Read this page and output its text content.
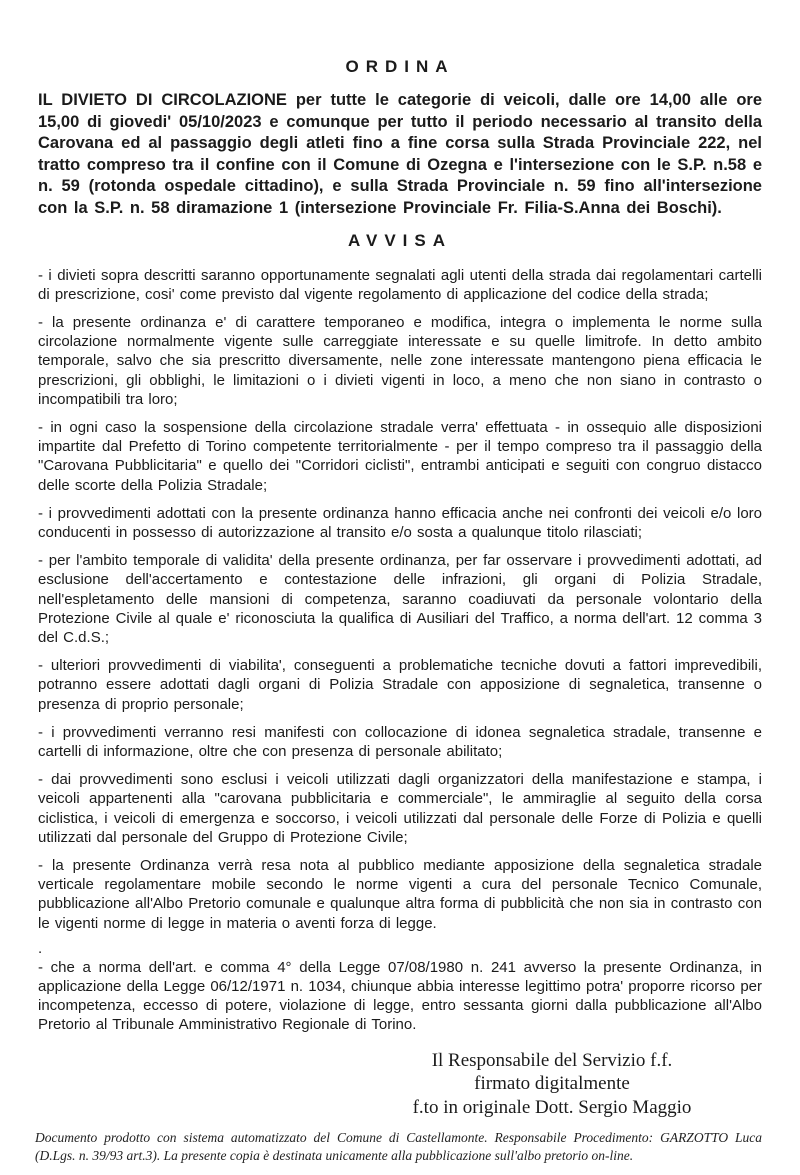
ORDINA

IL DIVIETO DI CIRCOLAZIONE per tutte le categorie di veicoli, dalle ore 14,00 alle ore 15,00 di giovedi' 05/10/2023 e comunque per tutto il periodo necessario al transito della Carovana ed al passaggio degli atleti fino a fine corsa sulla Strada Provinciale 222, nel tratto compreso tra il confine con il Comune di Ozegna e l'intersezione con le S.P. n.58 e n. 59 (rotonda ospedale cittadino), e sulla Strada Provinciale n. 59 fino all'intersezione con la S.P. n. 58 diramazione 1 (intersezione Provinciale Fr. Filia-S.Anna dei Boschi).

AVVISA

- i divieti sopra descritti saranno opportunamente segnalati agli utenti della strada dai regolamentari cartelli di prescrizione, cosi' come previsto dal vigente regolamento di applicazione del codice della strada;

- la presente ordinanza e' di carattere temporaneo e modifica, integra o implementa le norme sulla circolazione normalmente vigente sulle carreggiate interessate e su quelle limitrofe. In detto ambito temporale, salvo che sia prescritto diversamente, nelle zone interessate mantengono piena efficacia le prescrizioni, gli obblighi, le limitazioni o i divieti vigenti in loco, a meno che non siano in contrasto o incompatibili tra loro;

- in ogni caso la sospensione della circolazione stradale verra' effettuata - in ossequio alle disposizioni impartite dal Prefetto di Torino competente territorialmente - per il tempo compreso tra il passaggio della "Carovana Pubblicitaria" e quello dei "Corridori ciclisti", entrambi anticipati e seguiti con congruo distacco delle scorte della Polizia Stradale;

- i provvedimenti adottati con la presente ordinanza hanno efficacia anche nei confronti dei veicoli e/o loro conducenti in possesso di autorizzazione al transito e/o sosta a qualunque titolo rilasciati;

- per l'ambito temporale di validita' della presente ordinanza, per far osservare i provvedimenti adottati, ad esclusione dell'accertamento e contestazione delle infrazioni, gli organi di Polizia Stradale, nell'espletamento delle mansioni di competenza, saranno coadiuvati da personale volontario della Protezione Civile al quale e' riconosciuta la qualifica di Ausiliari del Traffico, a norma dell'art. 12 comma 3 del C.d.S.;

- ulteriori provvedimenti di viabilita', conseguenti a problematiche tecniche dovuti a fattori imprevedibili, potranno essere adottati dagli organi di Polizia Stradale con apposizione di segnaletica, transenne o presenza di proprio personale;

- i provvedimenti verranno resi manifesti con collocazione di idonea segnaletica stradale, transenne e cartelli di informazione, oltre che con presenza di personale abilitato;

- dai provvedimenti sono esclusi i veicoli utilizzati dagli organizzatori della manifestazione e stampa, i veicoli appartenenti alla "carovana pubblicitaria e commerciale", le ammiraglie al seguito della corsa ciclistica, i veicoli di emergenza e soccorso, i veicoli utilizzati dal personale delle Forze di Polizia e quelli utilizzati dal personale del Gruppo di Protezione Civile;

- la presente Ordinanza verrà resa nota al pubblico mediante apposizione della segnaletica stradale verticale regolamentare mobile secondo le norme vigenti a cura del personale Tecnico Comunale, pubblicazione all'Albo Pretorio comunale e qualunque altra forma di pubblicità che non sia in contrasto con le vigenti norme di legge in materia o aventi forza di legge.

.

- che a norma dell'art. e comma 4° della Legge 07/08/1980 n. 241 avverso la presente Ordinanza, in applicazione della Legge 06/12/1971 n. 1034, chiunque abbia interesse legittimo potra' proporre ricorso per incompetenza, eccesso di potere, violazione di legge, entro sessanta giorni dalla pubblicazione all'Albo Pretorio al Tribunale Amministrativo Regionale di Torino.

Il Responsabile del Servizio f.f.

firmato digitalmente

f.to in originale Dott. Sergio Maggio

Documento prodotto con sistema automatizzato del Comune di Castellamonte. Responsabile Procedimento: GARZOTTO Luca (D.Lgs. n. 39/93 art.3). La presente copia è destinata unicamente alla pubblicazione sull'albo pretorio on-line.
